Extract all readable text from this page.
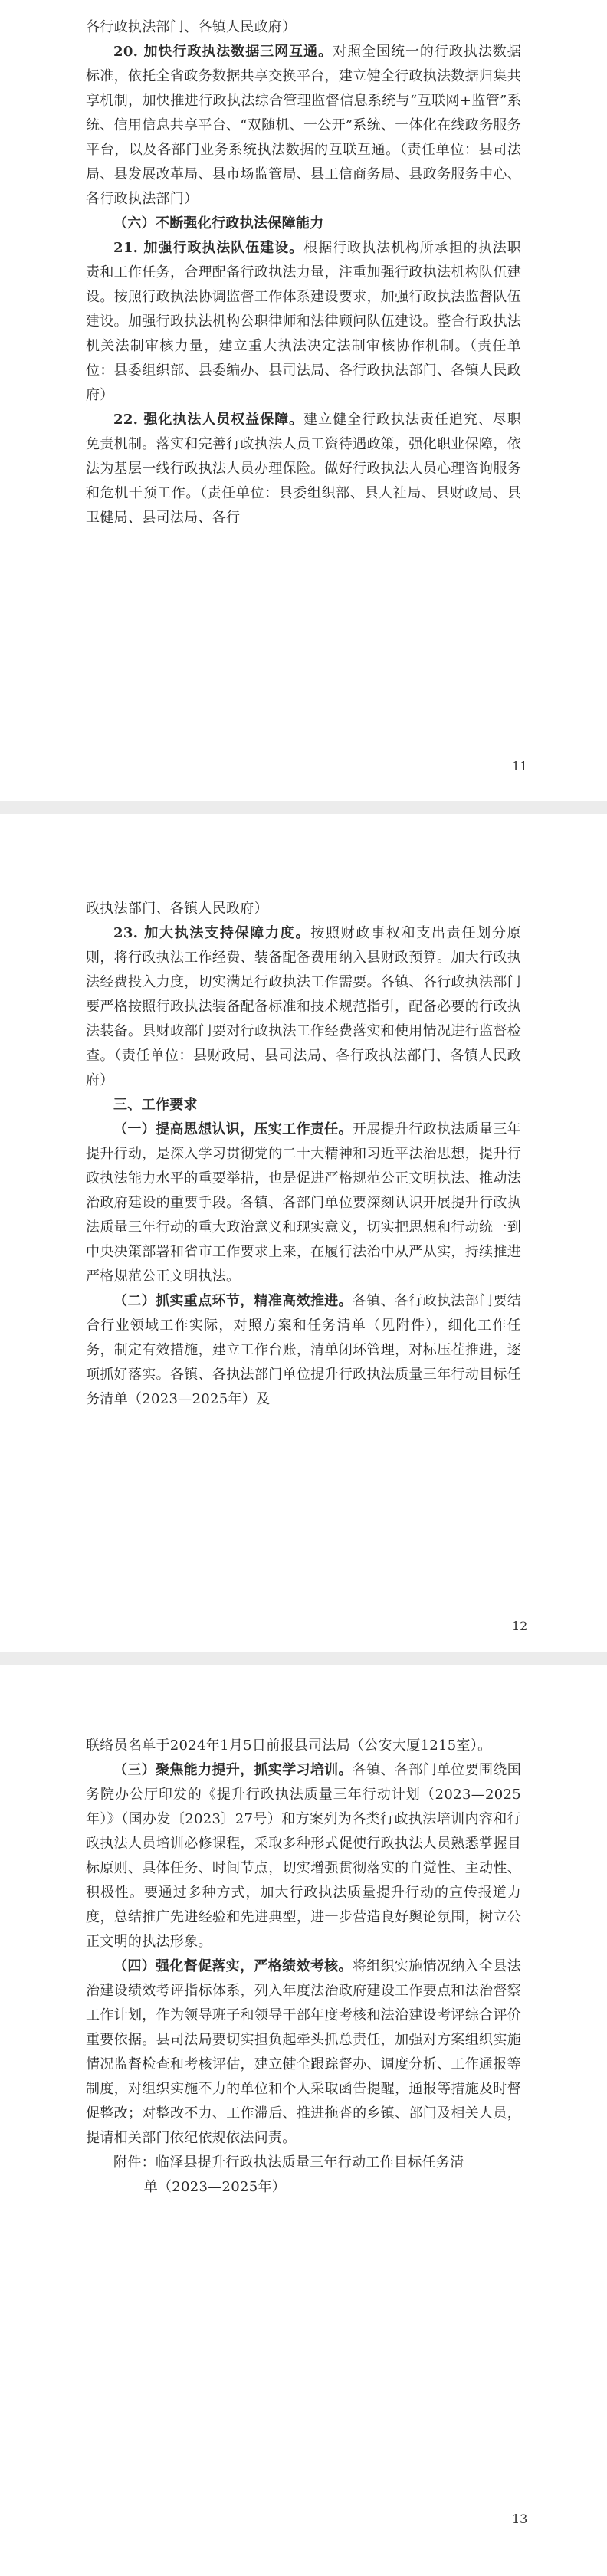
各行政执法部门、各镇人民政府）

20. 加快行政执法数据三网互通。对照全国统一的行政执法数据标准，依托全省政务数据共享交换平台，建立健全行政执法数据归集共享机制，加快推进行政执法综合管理监督信息系统与“互联网+监管”系统、信用信息共享平台、“双随机、一公开”系统、一体化在线政务服务平台，以及各部门业务系统执法数据的互联互通。（责任单位：县司法局、县发展改革局、县市场监管局、县工信商务局、县政务服务中心、各行政执法部门）

（六）不断强化行政执法保障能力

21. 加强行政执法队伍建设。根据行政执法机构所承担的执法职责和工作任务，合理配备行政执法力量，注重加强行政执法机构队伍建设。按照行政执法协调监督工作体系建设要求，加强行政执法监督队伍建设。加强行政执法机构公职律师和法律顾问队伍建设。整合行政执法机关法制审核力量，建立重大执法决定法制审核协作机制。（责任单位：县委组织部、县委编办、县司法局、各行政执法部门、各镇人民政府）

22. 强化执法人员权益保障。建立健全行政执法责任追究、尽职免责机制。落实和完善行政执法人员工资待遇政策，强化职业保障，依法为基层一线行政执法人员办理保险。做好行政执法人员心理咨询服务和危机干预工作。（责任单位：县委组织部、县人社局、县财政局、县卫健局、县司法局、各行

11

政执法部门、各镇人民政府）

23. 加大执法支持保障力度。按照财政事权和支出责任划分原则，将行政执法工作经费、装备配备费用纳入县财政预算。加大行政执法经费投入力度，切实满足行政执法工作需要。各镇、各行政执法部门要严格按照行政执法装备配备标准和技术规范指引，配备必要的行政执法装备。县财政部门要对行政执法工作经费落实和使用情况进行监督检查。（责任单位：县财政局、县司法局、各行政执法部门、各镇人民政府）

三、工作要求

（一）提高思想认识，压实工作责任。开展提升行政执法质量三年提升行动，是深入学习贯彻党的二十大精神和习近平法治思想，提升行政执法能力水平的重要举措，也是促进严格规范公正文明执法、推动法治政府建设的重要手段。各镇、各部门单位要深刻认识开展提升行政执法质量三年行动的重大政治意义和现实意义，切实把思想和行动统一到中央决策部署和省市工作要求上来，在履行法治中从严从实，持续推进严格规范公正文明执法。

（二）抓实重点环节，精准高效推进。各镇、各行政执法部门要结合行业领域工作实际，对照方案和任务清单（见附件），细化工作任务，制定有效措施，建立工作台账，清单闭环管理，对标压茬推进，逐项抓好落实。各镇、各执法部门单位提升行政执法质量三年行动目标任务清单（2023—2025年）及

12

联络员名单于2024年1月5日前报县司法局（公安大厦1215室）。

（三）聚焦能力提升，抓实学习培训。各镇、各部门单位要围绕国务院办公厅印发的《提升行政执法质量三年行动计划（2023—2025年）》（国办发〔2023〕27号）和方案列为各类行政执法培训内容和行政执法人员培训必修课程，采取多种形式促使行政执法人员熟悉掌握目标原则、具体任务、时间节点，切实增强贯彻落实的自觉性、主动性、积极性。要通过多种方式，加大行政执法质量提升行动的宣传报道力度，总结推广先进经验和先进典型，进一步营造良好舆论氛围，树立公正文明的执法形象。

（四）强化督促落实，严格绩效考核。将组织实施情况纳入全县法治建设绩效考评指标体系，列入年度法治政府建设工作要点和法治督察工作计划，作为领导班子和领导干部年度考核和法治建设考评综合评价重要依据。县司法局要切实担负起牵头抓总责任，加强对方案组织实施情况监督检查和考核评估，建立健全跟踪督办、调度分析、工作通报等制度，对组织实施不力的单位和个人采取函告提醒，通报等措施及时督促整改；对整改不力、工作滞后、推进拖沓的乡镇、部门及相关人员，提请相关部门依纪依规依法问责。

附件：临泽县提升行政执法质量三年行动工作目标任务清

单（2023—2025年）

13
